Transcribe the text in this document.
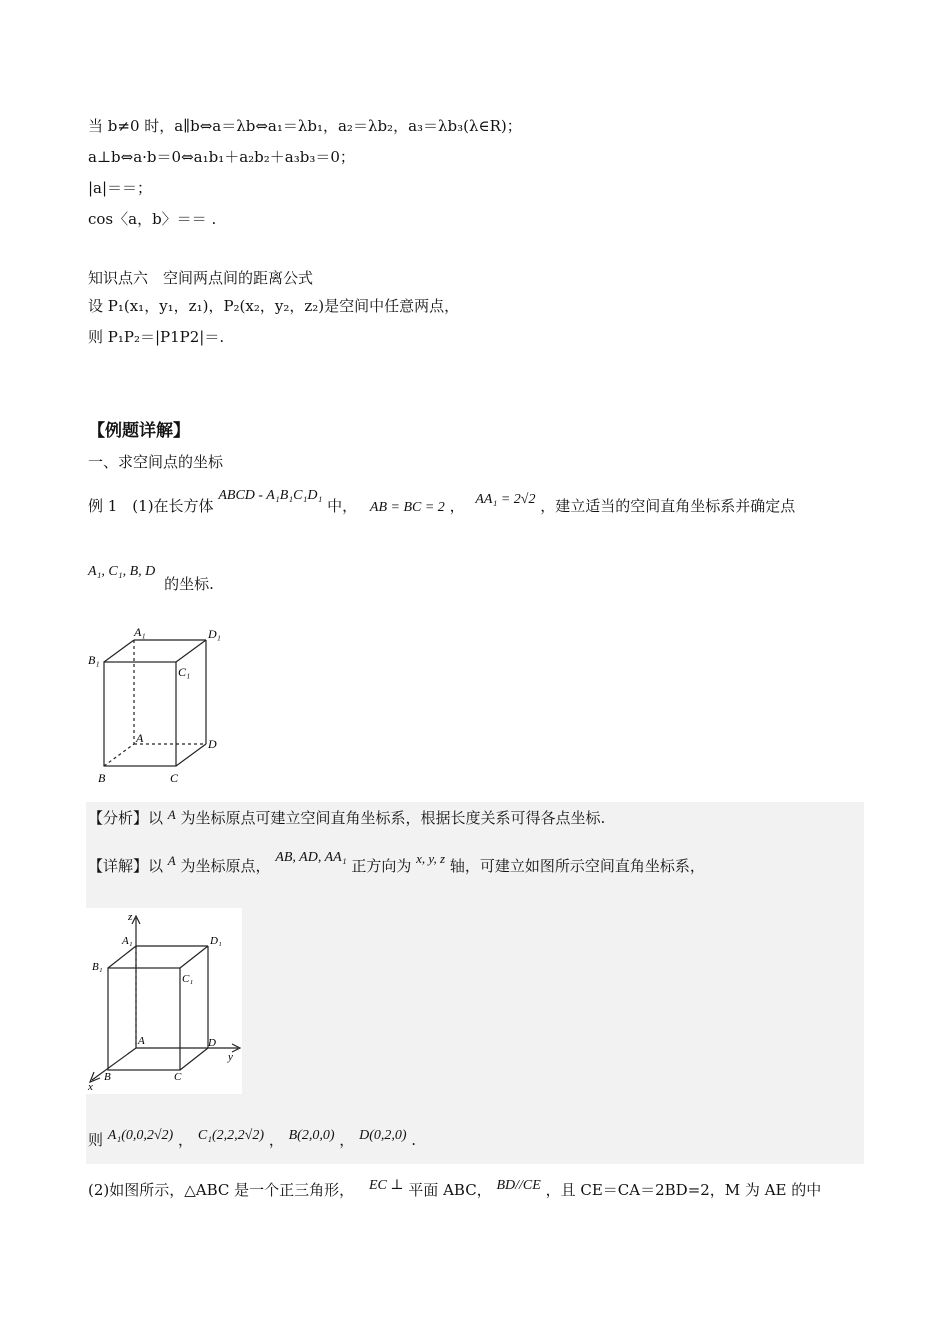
当 b≠0 时，a∥b⇔a＝λb⇔a₁＝λb₁，a₂＝λb₂，a₃＝λb₃(λ∈R)；
a⊥b⇔a·b＝0⇔a₁b₁＋a₂b₂＋a₃b₃＝0；
|a|＝＝；
cos〈a，b〉＝＝ .
知识点六　空间两点间的距离公式
设 P₁(x₁，y₁，z₁)，P₂(x₂，y₂，z₂)是空间中任意两点，
则 P₁P₂＝|P1P2|＝.
【例题详解】
一、求空间点的坐标
例 1　(1)在长方体 ABCD - A₁B₁C₁D₁ 中， AB = BC = 2 ， AA₁ = 2√2 ，建立适当的空间直角坐标系并确定点
A₁, C₁, B, D 的坐标.
A₁	D₁
B₁
C₁
A	D
B	C
【分析】以 A 为坐标原点可建立空间直角坐标系，根据长度关系可得各点坐标.
【详解】以 A 为坐标原点， AB, AD, AA₁ 正方向为 x, y, z 轴，可建立如图所示空间直角坐标系，
z
A₁	D₁
B₁
C₁
A	D
y
B	C
x
则 A₁(0,0,2√2) ， C₁(2,2,2√2) ， B(2,0,0) ， D(0,2,0) .
(2)如图所示，△ABC 是一个正三角形， EC ⊥ 平面 ABC， BD//CE ，且 CE＝CA＝2BD=2，M 为 AE 的中
